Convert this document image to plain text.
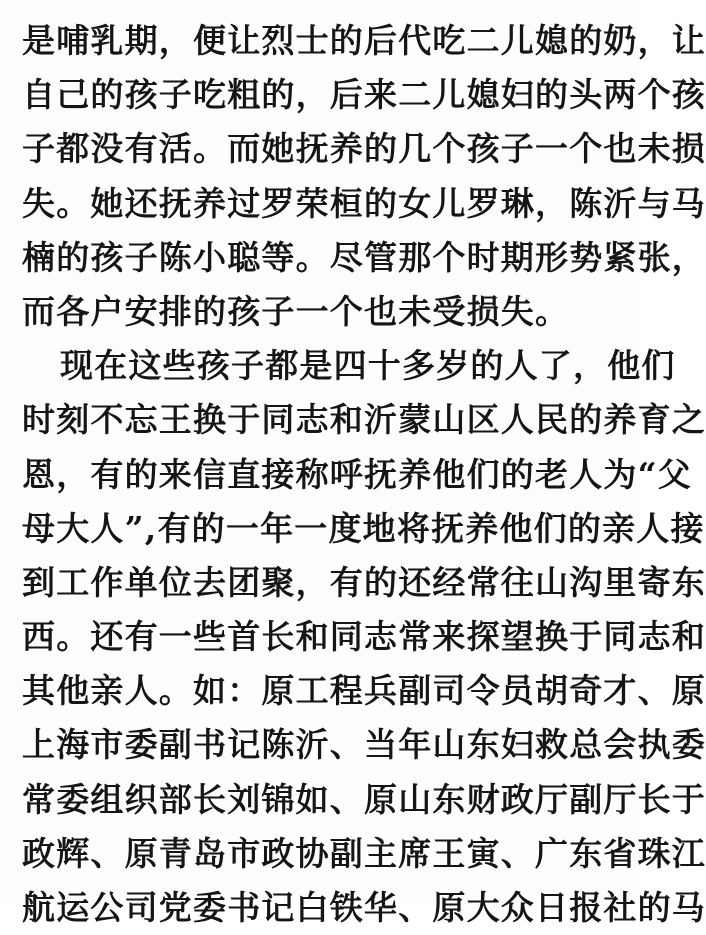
是哺乳期，便让烈士的后代吃二儿媳的奶，让
自己的孩子吃粗的，后来二儿媳妇的头两个孩
子都没有活。而她抚养的几个孩子一个也未损
失。她还抚养过罗荣桓的女儿罗琳，陈沂与马
楠的孩子陈小聪等。尽管那个时期形势紧张，
而各户安排的孩子一个也未受损失。
现在这些孩子都是四十多岁的人了，他们
时刻不忘王换于同志和沂蒙山区人民的养育之
恩，有的来信直接称呼抚养他们的老人为“父
母大人”,有的一年一度地将抚养他们的亲人接
到工作单位去团聚，有的还经常往山沟里寄东
西。还有一些首长和同志常来探望换于同志和
其他亲人。如：原工程兵副司令员胡奇才、原
上海市委副书记陈沂、当年山东妇救总会执委
常委组织部长刘锦如、原山东财政厅副厅长于
政辉、原青岛市政协副主席王寅、广东省珠江
航运公司党委书记白铁华、原大众日报社的马
